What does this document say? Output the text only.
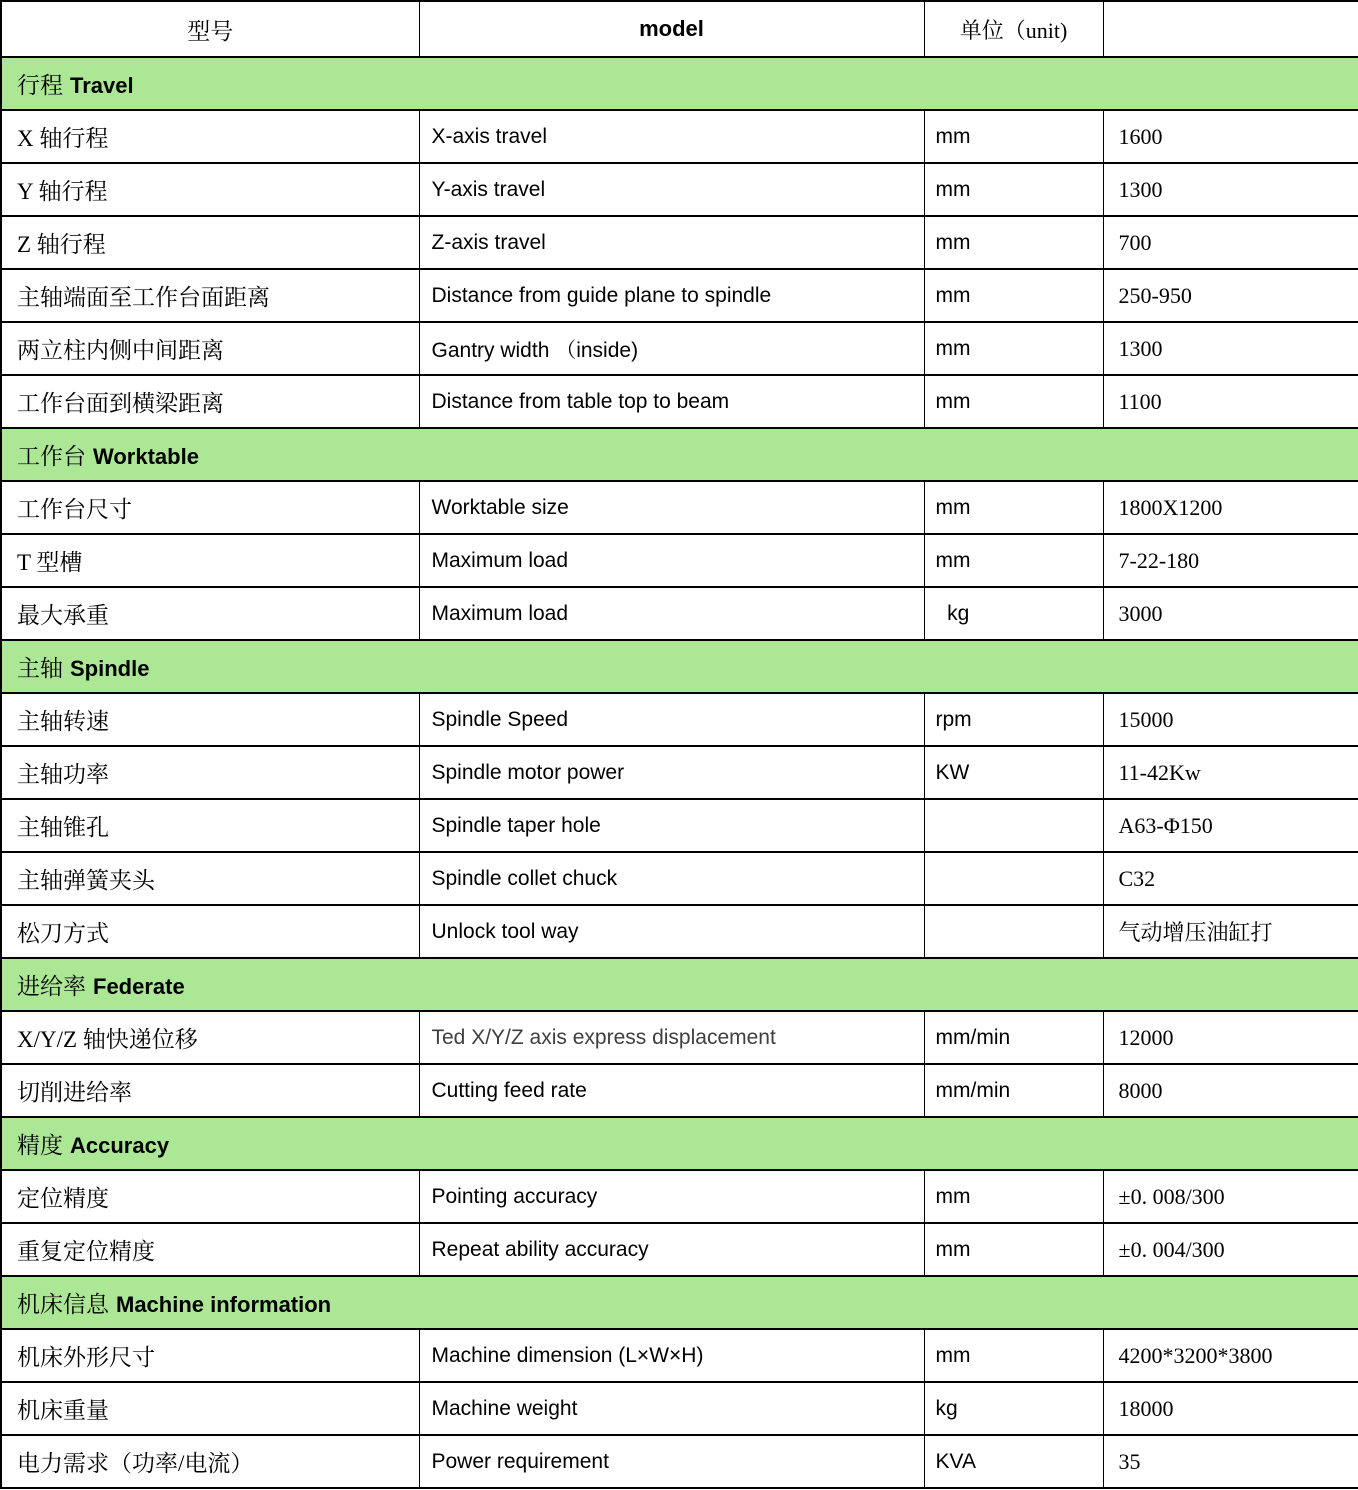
型号	model	单位（unit)	
行程 Travel			
X 轴行程	X-axis travel	mm	1600
Y 轴行程	Y-axis travel	mm	1300
Z 轴行程	Z-axis travel	mm	700
主轴端面至工作台面距离	Distance from guide plane to spindle	mm	250-950
两立柱内侧中间距离	Gantry width （inside)	mm	1300
工作台面到横梁距离	Distance from table top to beam	mm	1100
工作台 Worktable			
工作台尺寸	Worktable size	mm	1800X1200
T 型槽	Maximum load	mm	7-22-180
最大承重	Maximum load	kg	3000
主轴 Spindle			
主轴转速	Spindle Speed	rpm	15000
主轴功率	Spindle motor power	KW	11-42Kw
主轴锥孔	Spindle taper hole		A63-Φ150
主轴弹簧夹头	Spindle collet chuck		C32
松刀方式	Unlock tool way		气动增压油缸打
进给率 Federate			
X/Y/Z 轴快递位移	Ted X/Y/Z axis express displacement	mm/min	12000
切削进给率	Cutting feed rate	mm/min	8000
精度 Accuracy			
定位精度	Pointing accuracy	mm	±0. 008/300
重复定位精度	Repeat ability accuracy	mm	±0. 004/300
机床信息 Machine information			
机床外形尺寸	Machine dimension (L×W×H)	mm	4200*3200*3800
机床重量	Machine weight	kg	18000
电力需求（功率/电流）	Power requirement	KVA	35
